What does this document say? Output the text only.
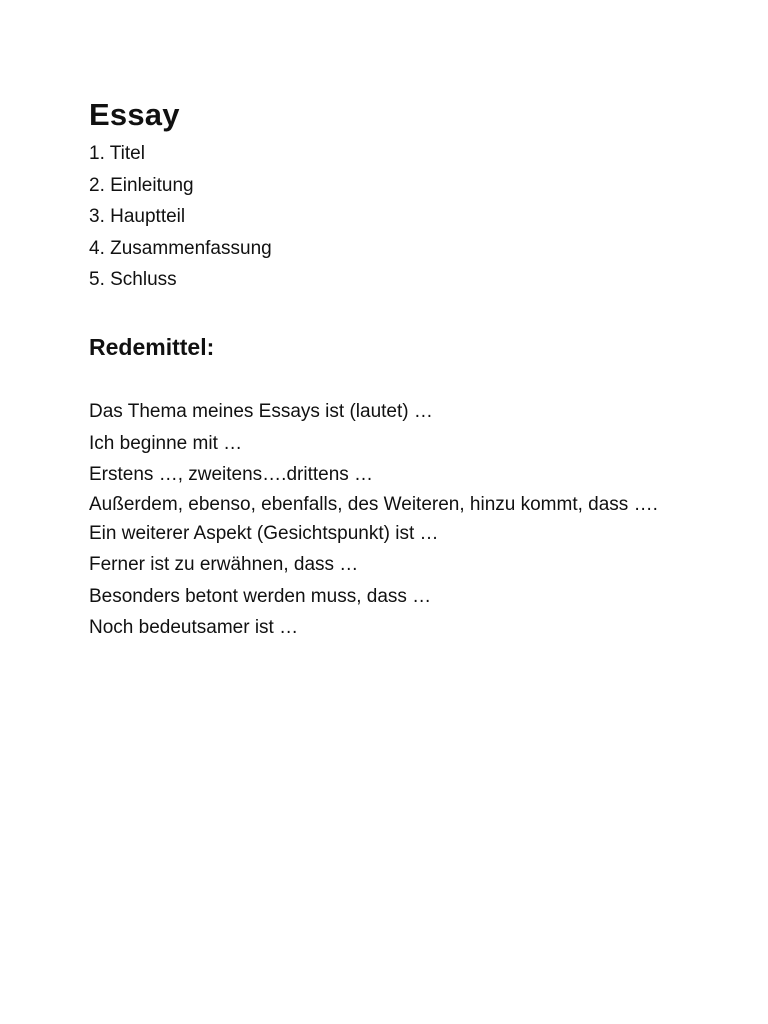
Essay
1. Titel
2. Einleitung
3. Hauptteil
4. Zusammenfassung
5. Schluss
Redemittel:
Das Thema meines Essays ist (lautet) …
Ich beginne mit …
Erstens …, zweitens….drittens …
Außerdem, ebenso, ebenfalls, des Weiteren, hinzu kommt, dass ….
Ein weiterer Aspekt (Gesichtspunkt) ist …
Ferner ist zu erwähnen, dass …
Besonders betont werden muss, dass …
Noch bedeutsamer ist …
